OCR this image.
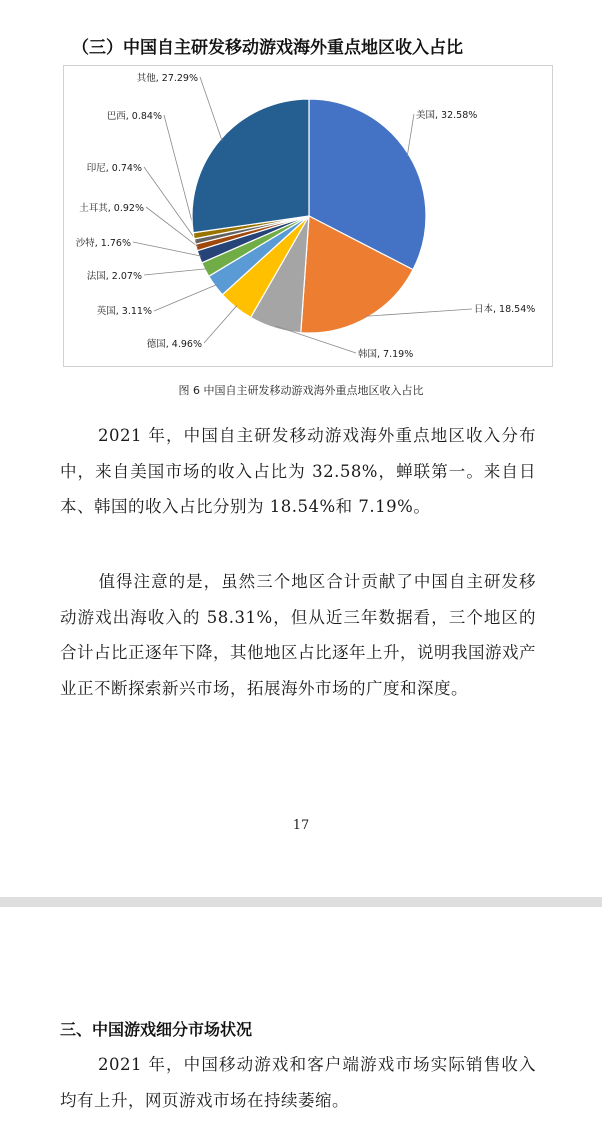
（三）中国自主研发移动游戏海外重点地区收入占比
美国, 32.58%
日本, 18.54%
韩国, 7.19%
德国, 4.96%
英国, 3.11%
法国, 2.07%
沙特, 1.76%
土耳其, 0.92%
印尼, 0.74%
巴西, 0.84%
其他, 27.29%
图 6 中国自主研发移动游戏海外重点地区收入占比

2021 年，中国自主研发移动游戏海外重点地区收入分布中，来自美国市场的收入占比为 32.58%，蝉联第一。来自日本、韩国的收入占比分别为 18.54%和 7.19%。

值得注意的是，虽然三个地区合计贡献了中国自主研发移动游戏出海收入的 58.31%，但从近三年数据看，三个地区的合计占比正逐年下降，其他地区占比逐年上升，说明我国游戏产业正不断探索新兴市场，拓展海外市场的广度和深度。

17
三、中国游戏细分市场状况

2021 年，中国移动游戏和客户端游戏市场实际销售收入均有上升，网页游戏市场在持续萎缩。
